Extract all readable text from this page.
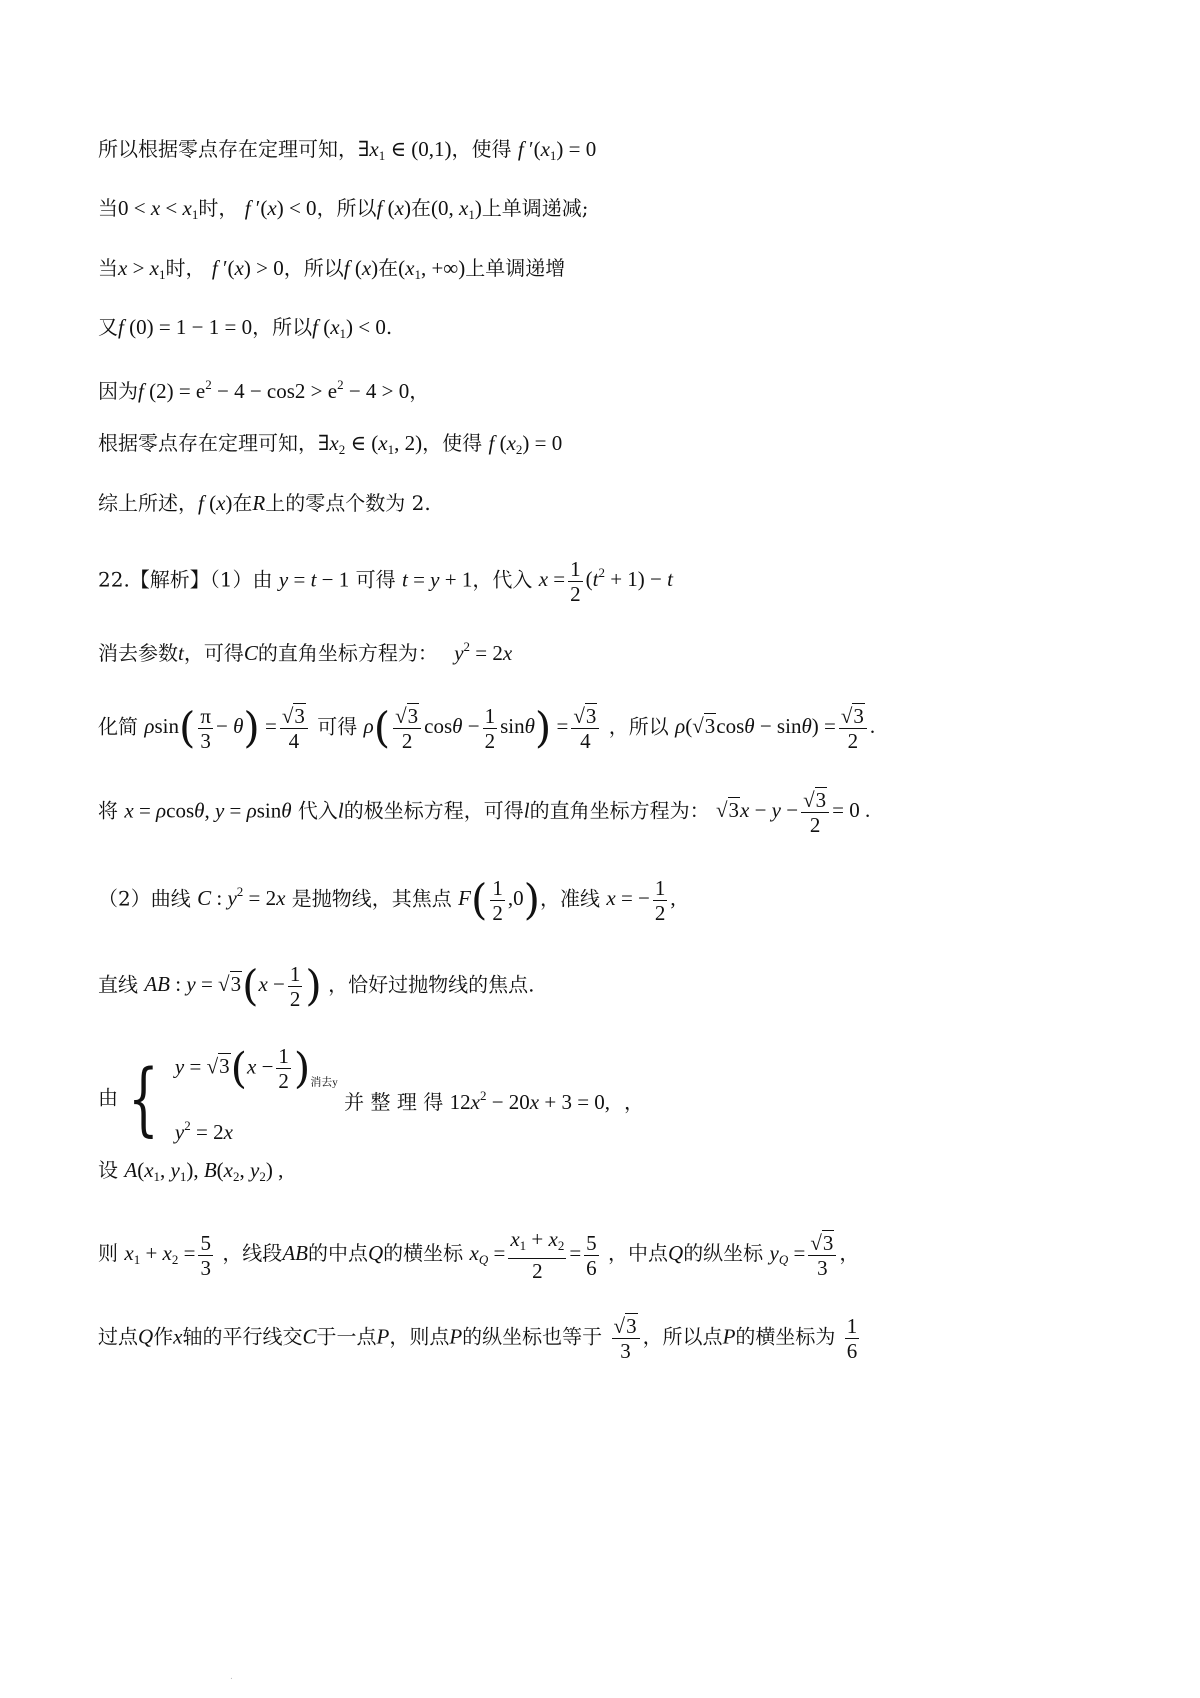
所以根据零点存在定理可知，$\exists x_1$ ∈ (0,1)，使得 f $'(x_1) = 0$
当$0 < x < x_1$时， f ′(x) < 0，所以f (x)在(0, $x_1$)上单调递减;
当$x > x_1$时， f ′(x) > 0，所以f (x)在($x_1$, +∞)上单调递增
又f (0) = 1 − 1 = 0，所以f $(x_1) < 0$.
因为f $(2) = e^2 - 4 - \cos 2 > e^2 - 4 > 0$，
根据零点存在定理可知，$\exists x_2$ ∈ ($x_1$, 2)，使得 f $(x_2) = 0$
综上所述，f (x)在R上的零点个数为 2.
22.【解析】（1）由 y = t − 1 可得 t = y + 1，代入 $x = \frac{1}{2} (t^2 + 1) - t$
消去参数t，可得C的直角坐标方程为： $y^2 = 2x$
化简 $\rho\sin( \frac{\pi}{3} - \theta) = \frac{√3}{4}$ 可得 $\rho( \frac{√3}{2}$ $\cos\theta - \frac{1}{2} \sin\theta) = \frac{√3}{4}$ ，所以 $\rho(√3\cos\theta - \sin\theta) = \frac{√3}{2}$ .
将 x = ρcosθ, y = ρsinθ 代入l的极坐标方程，可得l的直角坐标方程为： $√3x - y - \frac{√3}{2} = 0$ .
（2）曲线 C : $y^2 = 2x$ 是抛物线，其焦点 $F( \frac{1}{2} ,0)$，准线 x = − $\frac{1}{2}$ ,
直线 AB : $y = √3(x - \frac{1}{2}$ ) ，恰好过抛物线的焦点.
由 { $y = √3(x - \frac{1}{2} )_{消去y}$
$y^2 = 2x$
并 整 理 得 $12x^2 - 20x + 3 = 0$, ，
设 $A(x_1$, $y_1$), $B(x_2$, $y_2$) ,
则 $x_1 + x_2 = \frac{5}{3}$ ，线段AB的中点Q的横坐标 $x_Q = \frac{x_1 + x_2}{2} = \frac{5}{6}$ ，中点Q的纵坐标 $y_Q = \frac{√3}{3}$ ，
过点Q作x轴的平行线交C于一点P，则点P的纵坐标也等于 $\frac{√3}{3}$ ，所以点P的横坐标为 $\frac{1}{6}$
.
